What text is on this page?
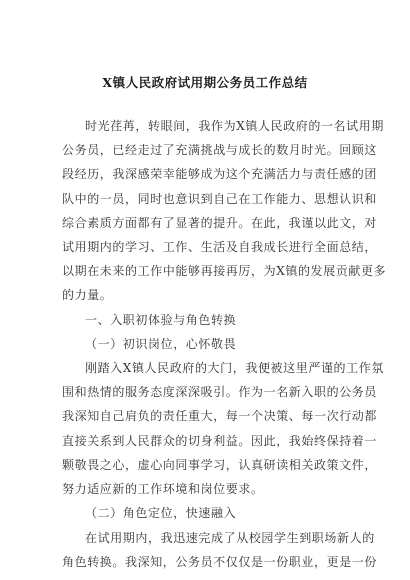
X镇人民政府试用期公务员工作总结
时光荏苒，转眼间，我作为X镇人民政府的一名试用期
公务员，已经走过了充满挑战与成长的数月时光。回顾这
段经历，我深感荣幸能够成为这个充满活力与责任感的团
队中的一员，同时也意识到自己在工作能力、思想认识和
综合素质方面都有了显著的提升。在此，我谨以此文，对
试用期内的学习、工作、生活及自我成长进行全面总结，
以期在未来的工作中能够再接再厉，为X镇的发展贡献更多
的力量。
一、入职初体验与角色转换
（一）初识岗位，心怀敬畏
刚踏入X镇人民政府的大门，我便被这里严谨的工作氛
围和热情的服务态度深深吸引。作为一名新入职的公务员
我深知自己肩负的责任重大，每一个决策、每一次行动都
直接关系到人民群众的切身利益。因此，我始终保持着一
颗敬畏之心，虚心向同事学习，认真研读相关政策文件，
努力适应新的工作环境和岗位要求。
（二）角色定位，快速融入
在试用期内，我迅速完成了从校园学生到职场新人的
角色转换。我深知，公务员不仅仅是一份职业，更是一份
